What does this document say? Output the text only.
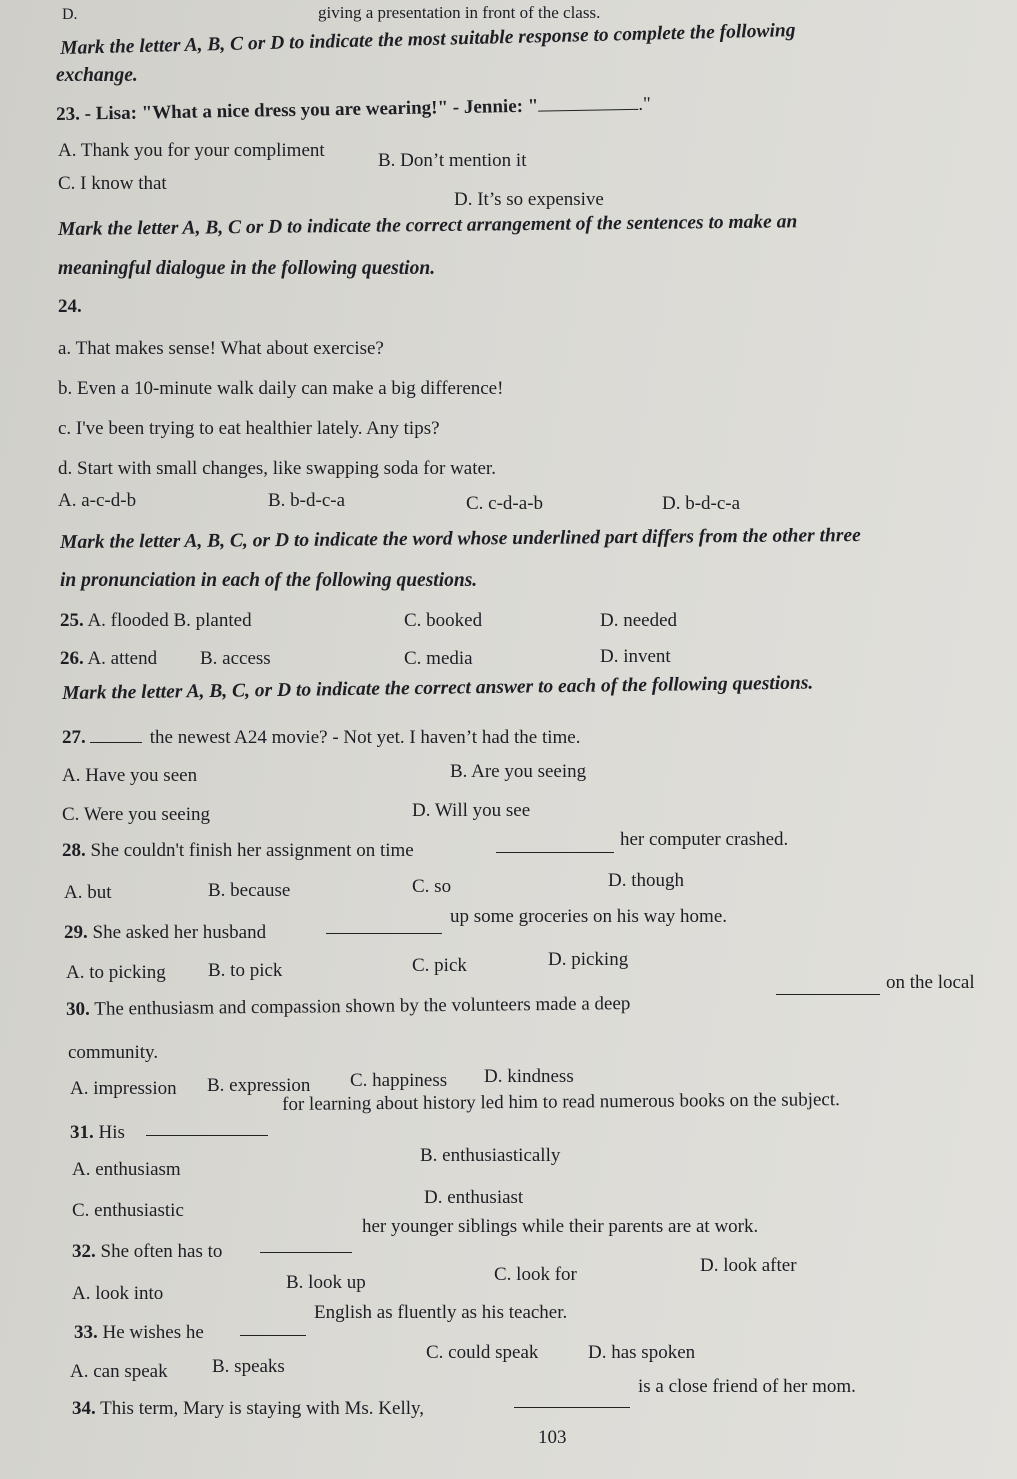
D.	giving a presentation in front of the class.
Mark the letter A, B, C or D to indicate the most suitable response to complete the following
exchange.
23. - Lisa: "What a nice dress you are wearing!" - Jennie: "	."
A. Thank you for your compliment	B. Don’t mention it
C. I know that
D. It’s so expensive
Mark the letter A, B, C or D to indicate the correct arrangement of the sentences to make an
meaningful dialogue in the following question.
24.
a. That makes sense! What about exercise?
b. Even a 10-minute walk daily can make a big difference!
c. I've been trying to eat healthier lately. Any tips?
d. Start with small changes, like swapping soda for water.
A. a-c-d-b	B. b-d-c-a	C. c-d-a-b	D. b-d-c-a
Mark the letter A, B, C, or D to indicate the word whose underlined part differs from the other three
in pronunciation in each of the following questions.
25. A. flooded B. planted	C. booked	D. needed
26. A. attend B. access	C. media	D. invent
Mark the letter A, B, C, or D to indicate the correct answer to each of the following questions.
27.	the newest A24 movie? - Not yet. I haven’t had the time.
A. Have you seen	B. Are you seeing
C. Were you seeing	D. Will you see
28. She couldn't finish her assignment on time
her computer crashed.
A. but	B. because	C. so	D. though
29. She asked her husband
up some groceries on his way home.
A. to picking B. to pick	C. pick	D. picking
30. The enthusiasm and compassion shown by the volunteers made a deep
on the local
community.
A. impression B. expression C. happiness D. kindness
31. His
for learning about history led him to read numerous books on the subject.
A. enthusiasm
B. enthusiastically
C. enthusiastic
D. enthusiast
32. She often has to
her younger siblings while their parents are at work.
A. look into
B. look up	C. look for	D. look after
33. He wishes he
English as fluently as his teacher.
A. can speak B. speaks
C. could speak	D. has spoken
34. This term, Mary is staying with Ms. Kelly,
is a close friend of her mom.
103
